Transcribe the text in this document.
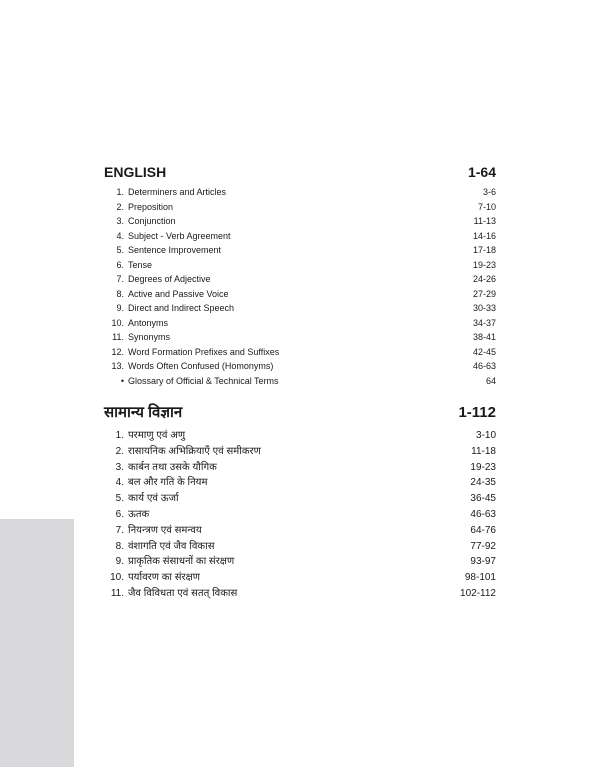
ENGLISH	1-64
1. Determiners and Articles	3-6
2. Preposition	7-10
3. Conjunction	11-13
4. Subject - Verb Agreement	14-16
5. Sentence Improvement	17-18
6. Tense	19-23
7. Degrees of Adjective	24-26
8. Active and Passive Voice	27-29
9. Direct and Indirect Speech	30-33
10. Antonyms	34-37
11. Synonyms	38-41
12. Word Formation Prefixes and Suffixes	42-45
13. Words Often Confused (Homonyms)	46-63
• Glossary of Official & Technical Terms	64
सामान्य विज्ञान	1-112
1. परमाणु एवं अणु	3-10
2. रासायनिक अभिक्रियाएँ एवं समीकरण	11-18
3. कार्बन तथा उसके यौगिक	19-23
4. बल और गति के नियम	24-35
5. कार्य एवं ऊर्जा	36-45
6. ऊतक	46-63
7. नियन्त्रण एवं समन्वय	64-76
8. वंशागति एवं जैव विकास	77-92
9. प्राकृतिक संसाधनों का संरक्षण	93-97
10. पर्यावरण का संरक्षण	98-101
11. जैव विविधता एवं सतत् विकास	102-112
